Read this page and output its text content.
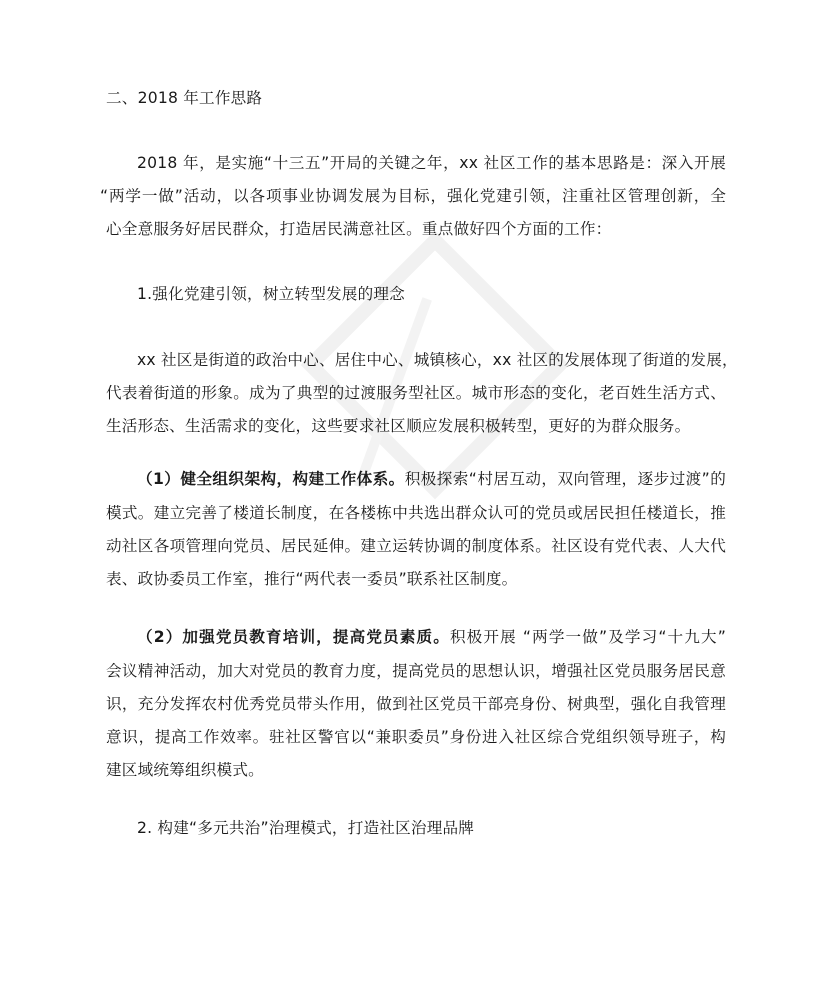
二、2018 年工作思路
2018 年，是实施“十三五”开局的关键之年，xx 社区工作的基本思路是：深入开展
“两学一做”活动，以各项事业协调发展为目标，强化党建引领，注重社区管理创新，全
心全意服务好居民群众，打造居民满意社区。重点做好四个方面的工作：
1.强化党建引领，树立转型发展的理念
xx 社区是街道的政治中心、居住中心、城镇核心，xx 社区的发展体现了街道的发展，
代表着街道的形象。成为了典型的过渡服务型社区。城市形态的变化，老百姓生活方式、
生活形态、生活需求的变化，这些要求社区顺应发展积极转型，更好的为群众服务。
（1）健全组织架构，构建工作体系。积极探索“村居互动，双向管理，逐步过渡”的
模式。建立完善了楼道长制度，在各楼栋中共选出群众认可的党员或居民担任楼道长，推
动社区各项管理向党员、居民延伸。建立运转协调的制度体系。社区设有党代表、人大代
表、政协委员工作室，推行“两代表一委员”联系社区制度。
（2）加强党员教育培训，提高党员素质。积极开展 “两学一做”及学习“十九大”
会议精神活动，加大对党员的教育力度，提高党员的思想认识，增强社区党员服务居民意
识，充分发挥农村优秀党员带头作用，做到社区党员干部亮身份、树典型，强化自我管理
意识，提高工作效率。驻社区警官以“兼职委员”身份进入社区综合党组织领导班子，构
建区域统筹组织模式。
2. 构建“多元共治”治理模式，打造社区治理品牌
